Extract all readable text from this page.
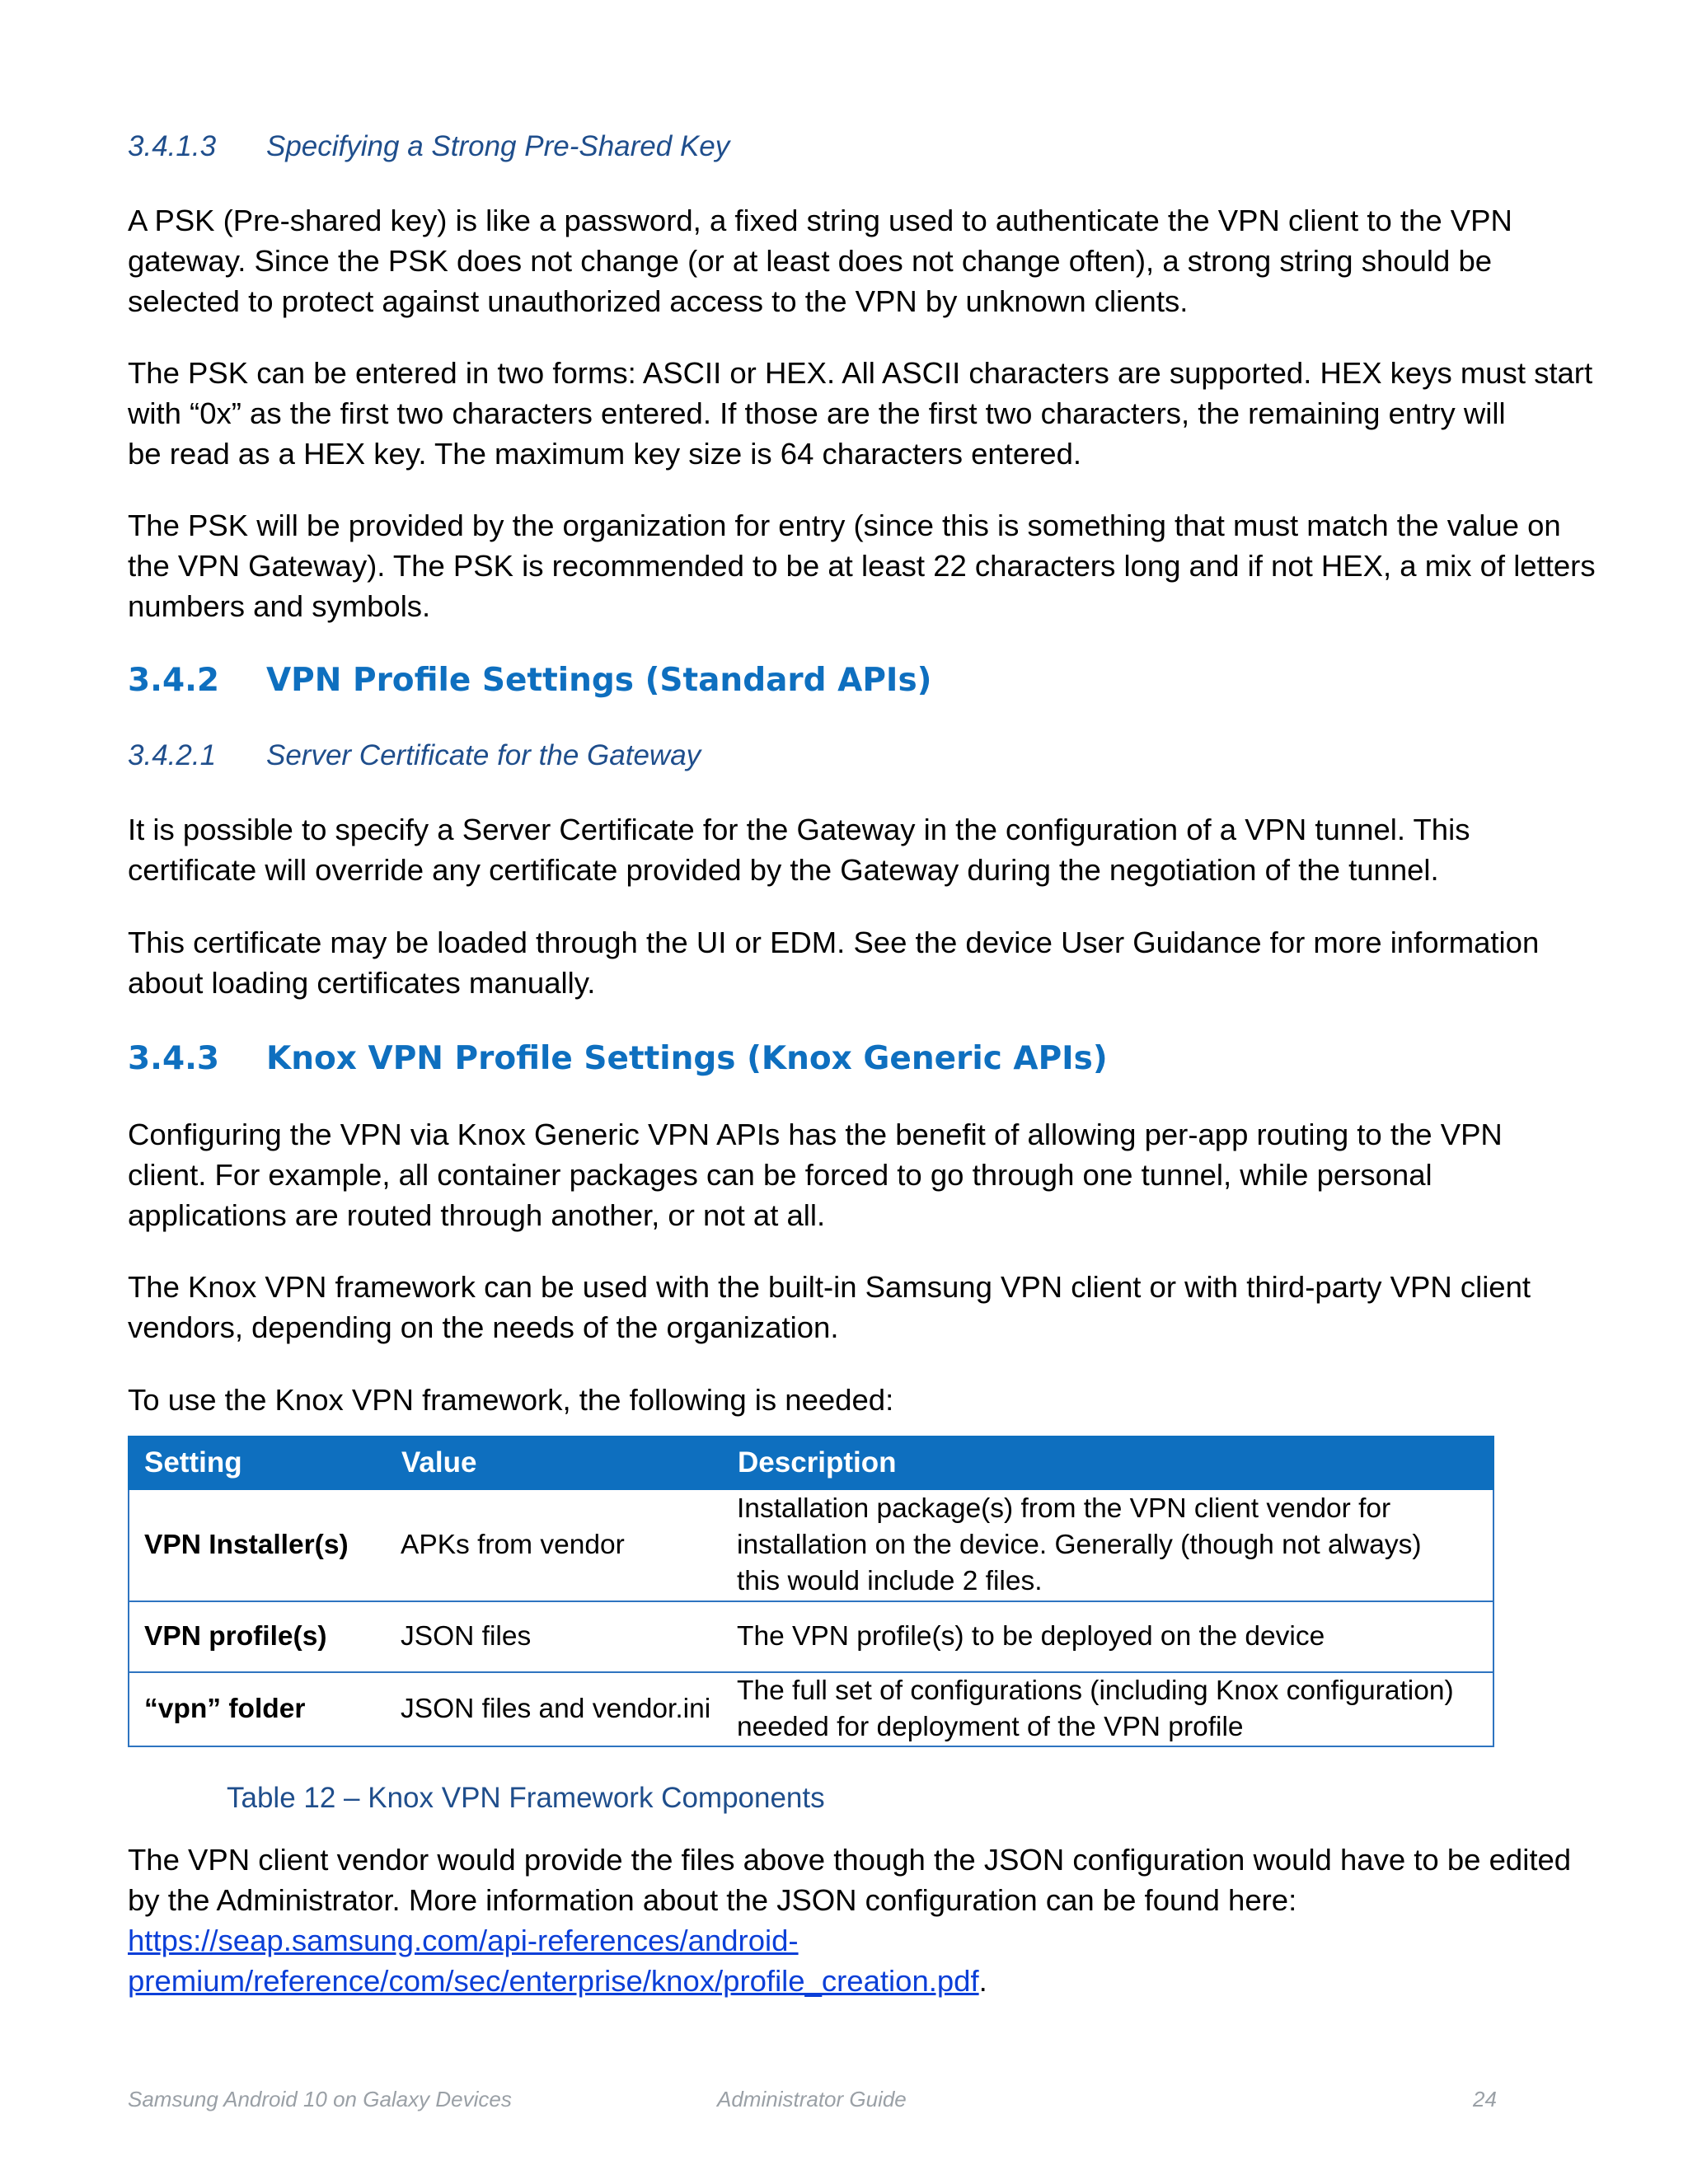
3.4.1.3 Specifying a Strong Pre-Shared Key

A PSK (Pre-shared key) is like a password, a fixed string used to authenticate the VPN client to the VPN
gateway. Since the PSK does not change (or at least does not change often), a strong string should be
selected to protect against unauthorized access to the VPN by unknown clients.

The PSK can be entered in two forms: ASCII or HEX. All ASCII characters are supported. HEX keys must start
with “0x” as the first two characters entered. If those are the first two characters, the remaining entry will
be read as a HEX key. The maximum key size is 64 characters entered.

The PSK will be provided by the organization for entry (since this is something that must match the value on
the VPN Gateway). The PSK is recommended to be at least 22 characters long and if not HEX, a mix of letters
numbers and symbols.

3.4.2 VPN Profile Settings (Standard APIs)
3.4.2.1 Server Certificate for the Gateway

It is possible to specify a Server Certificate for the Gateway in the configuration of a VPN tunnel. This
certificate will override any certificate provided by the Gateway during the negotiation of the tunnel.

This certificate may be loaded through the UI or EDM. See the device User Guidance for more information
about loading certificates manually.

3.4.3 Knox VPN Profile Settings (Knox Generic APIs)

Configuring the VPN via Knox Generic VPN APIs has the benefit of allowing per-app routing to the VPN
client. For example, all container packages can be forced to go through one tunnel, while personal
applications are routed through another, or not at all.

The Knox VPN framework can be used with the built-in Samsung VPN client or with third-party VPN client
vendors, depending on the needs of the organization.

To use the Knox VPN framework, the following is needed:

Setting	Value	Description
VPN Installer(s)	APKs from vendor	Installation package(s) from the VPN client vendor for
installation on the device. Generally (though not always)
this would include 2 files.

VPN profile(s)	JSON files	The VPN profile(s) to be deployed on the device

“vpn” folder	JSON files and vendor.ini	The full set of configurations (including Knox configuration)
needed for deployment of the VPN profile
Table 12 – Knox VPN Framework Components

The VPN client vendor would provide the files above though the JSON configuration would have to be edited
by the Administrator. More information about the JSON configuration can be found here:
https://seap.samsung.com/api-references/android-
premium/reference/com/sec/enterprise/knox/profile_creation.pdf.

Samsung Android 10 on Galaxy Devices	Administrator Guide	24
